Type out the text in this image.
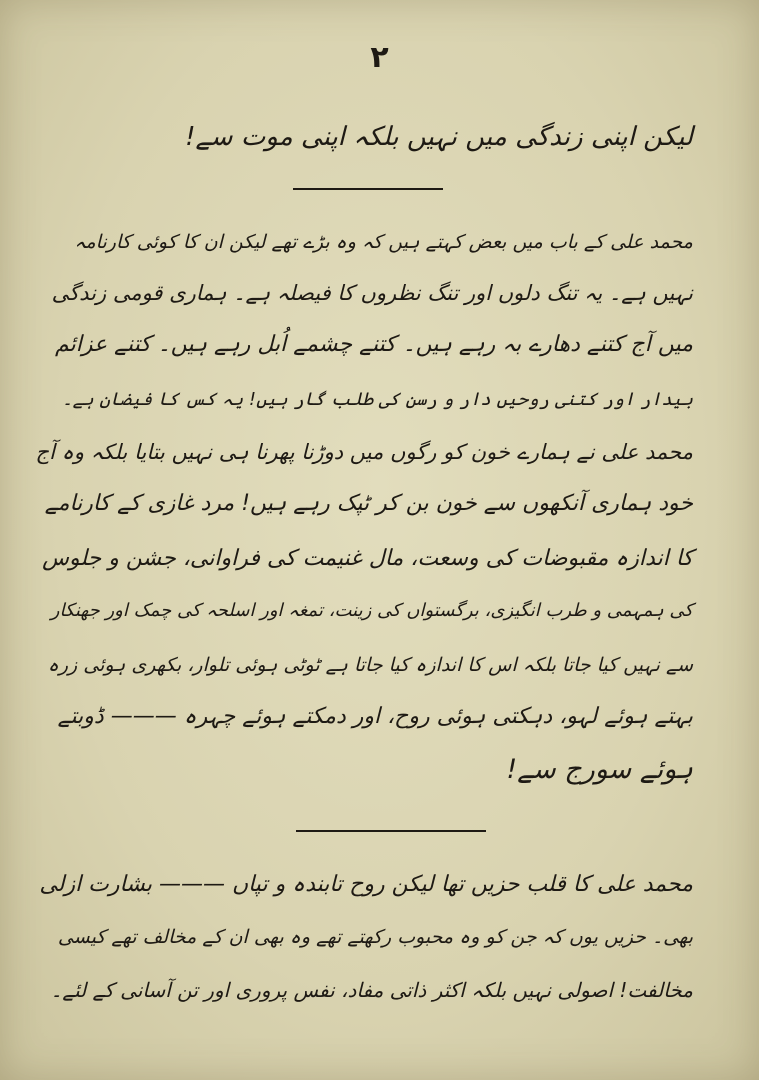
۲
لیکن اپنی زندگی میں نہیں بلکہ اپنی موت سے!
محمد علی کے باب میں بعض کہتے ہیں کہ وہ بڑے تھے لیکن ان کا کوئی کارنامہ
نہیں ہے۔ یہ تنگ دلوں اور تنگ نظروں کا فیصلہ ہے۔ ہماری قومی زندگی
میں آج کتنے دھارے بہ رہے ہیں۔ کتنے چشمے اُبل رہے ہیں۔ کتنے عزائم
بیدار اور کتنی روحیں دار و رسن کی طلب گار ہیں! یہ کس کا فیضان ہے۔
محمد علی نے ہمارے خون کو رگوں میں دوڑنا پھرنا ہی نہیں بتایا بلکہ وہ آج
خود ہماری آنکھوں سے خون بن کر ٹپک رہے ہیں! مرد غازی کے کارنامے
کا اندازہ مقبوضات کی وسعت، مال غنیمت کی فراوانی، جشن و جلوس
کی ہمہمی و طرب انگیزی، برگستواں کی زینت، تمغہ اور اسلحہ کی چمک اور جھنکار
سے نہیں کیا جاتا بلکہ اس کا اندازہ کیا جاتا ہے ٹوٹی ہوئی تلوار، بکھری ہوئی زرہ
بہتے ہوئے لہو، دہکتی ہوئی روح، اور دمکتے ہوئے چہرہ ——— ڈوبتے
ہوئے سورج سے!
محمد علی کا قلب حزیں تھا لیکن روح تابندہ و تپاں ——— بشارت ازلی
بھی۔ حزیں یوں کہ جن کو وہ محبوب رکھتے تھے وہ بھی ان کے مخالف تھے کیسی
مخالفت! اصولی نہیں بلکہ اکثر ذاتی مفاد، نفس پروری اور تن آسانی کے لئے۔
